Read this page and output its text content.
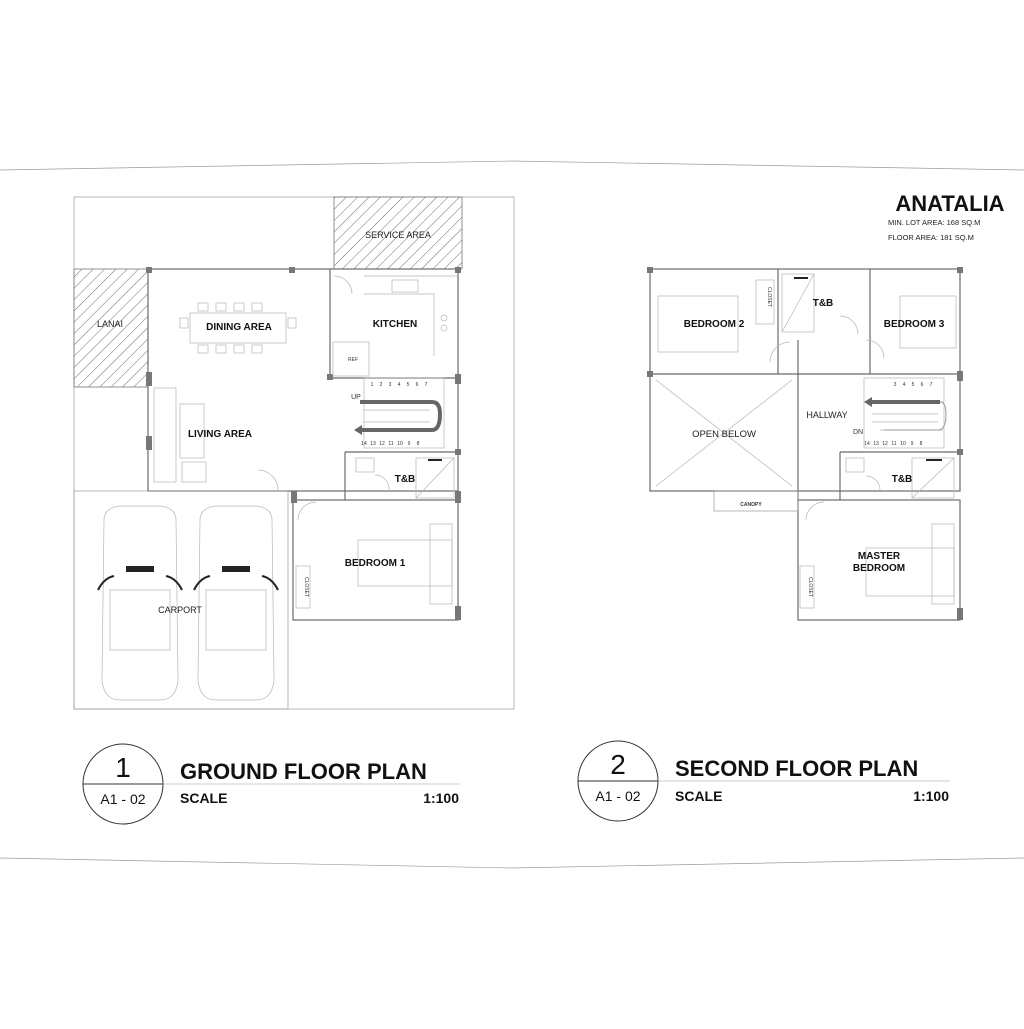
SERVICE AREA
LANAI	DINING AREA	KITCHEN
REF
LIVING AREA
T&B
BEDROOM 1
CLOSET
CARPORT
UP
1 2 3 4 5 6 7
14 13 12 11 10 9 8
BEDROOM 2
CLOSET	T&B
BEDROOM 3
OPEN BELOW
HALLWAY
DN
T&B
CANOPY
MASTER
BEDROOM
CLOSET
3 4 5 6 7
14 13 12 11 10 9 8
ANATALIA
MIN. LOT AREA: 168 SQ.M
FLOOR AREA: 181 SQ.M
1
A1 - 02
GROUND FLOOR PLAN
SCALE	1:100
2
A1 - 02
SECOND FLOOR PLAN
SCALE	1:100
